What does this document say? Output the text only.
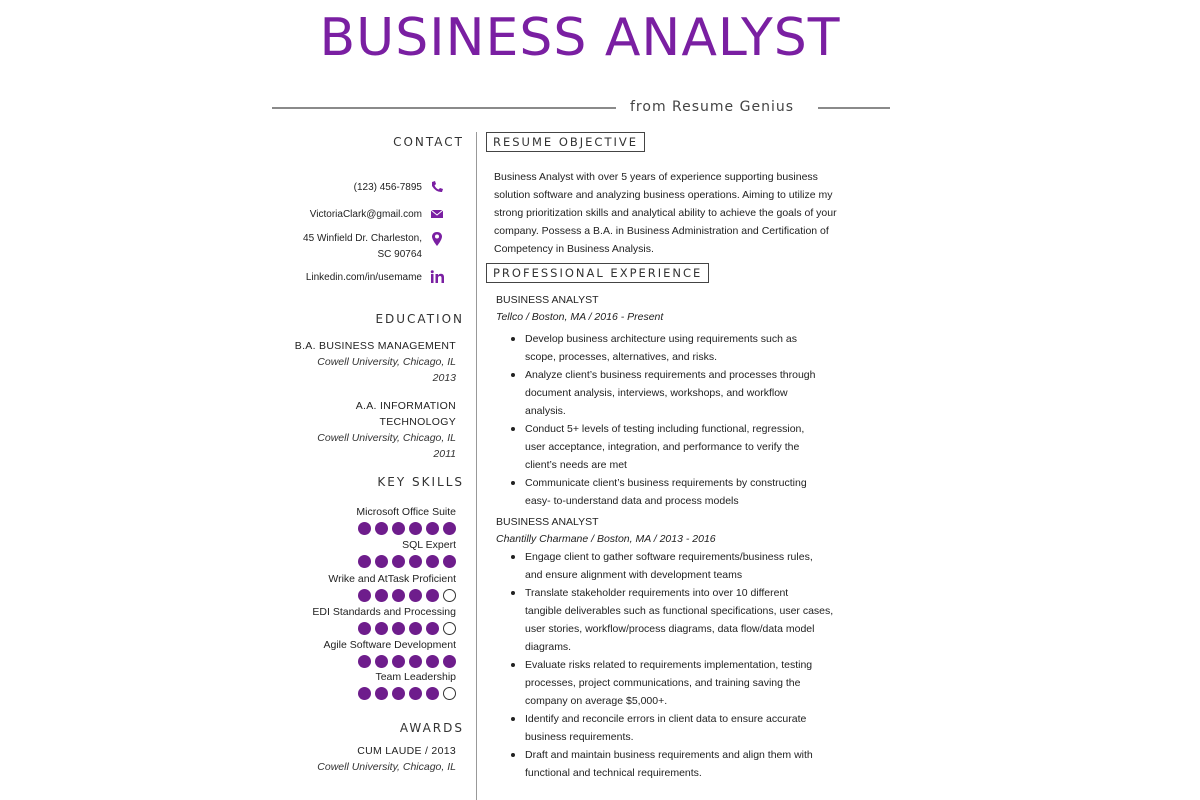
BUSINESS ANALYST
from Resume Genius
CONTACT
(123) 456-7895
VictoriaClark@gmail.com
45 Winfield Dr. Charleston,
SC 90764
Linkedin.com/in/usemame
EDUCATION
B.A. BUSINESS MANAGEMENT
Cowell University, Chicago, IL
2013
A.A. INFORMATION
TECHNOLOGY
Cowell University, Chicago, IL
2011
KEY SKILLS
Microsoft Office Suite
SQL Expert
Wrike and AtTask Proficient
EDI Standards and Processing
Agile Software Development
Team Leadership
AWARDS
CUM LAUDE / 2013
Cowell University, Chicago, IL
RESUME OBJECTIVE
Business Analyst with over 5 years of experience supporting business
solution software and analyzing business operations. Aiming to utilize my
strong prioritization skills and analytical ability to achieve the goals of your
company. Possess a B.A. in Business Administration and Certification of
Competency in Business Analysis.
PROFESSIONAL EXPERIENCE
BUSINESS ANALYST
Tellco / Boston, MA / 2016 - Present
Develop business architecture using requirements such as
scope, processes, alternatives, and risks.
Analyze client’s business requirements and processes through
document analysis, interviews, workshops, and workflow
analysis.
Conduct 5+ levels of testing including functional, regression,
user acceptance, integration, and performance to verify the
client’s needs are met
Communicate client’s business requirements by constructing
easy- to-understand data and process models
BUSINESS ANALYST
Chantilly Charmane / Boston, MA / 2013 - 2016
Engage client to gather software requirements/business rules,
and ensure alignment with development teams
Translate stakeholder requirements into over 10 different
tangible deliverables such as functional specifications, user cases,
user stories, workflow/process diagrams, data flow/data model
diagrams.
Evaluate risks related to requirements implementation, testing
processes, project communications, and training saving the
company on average $5,000+.
Identify and reconcile errors in client data to ensure accurate
business requirements.
Draft and maintain business requirements and align them with
functional and technical requirements.
